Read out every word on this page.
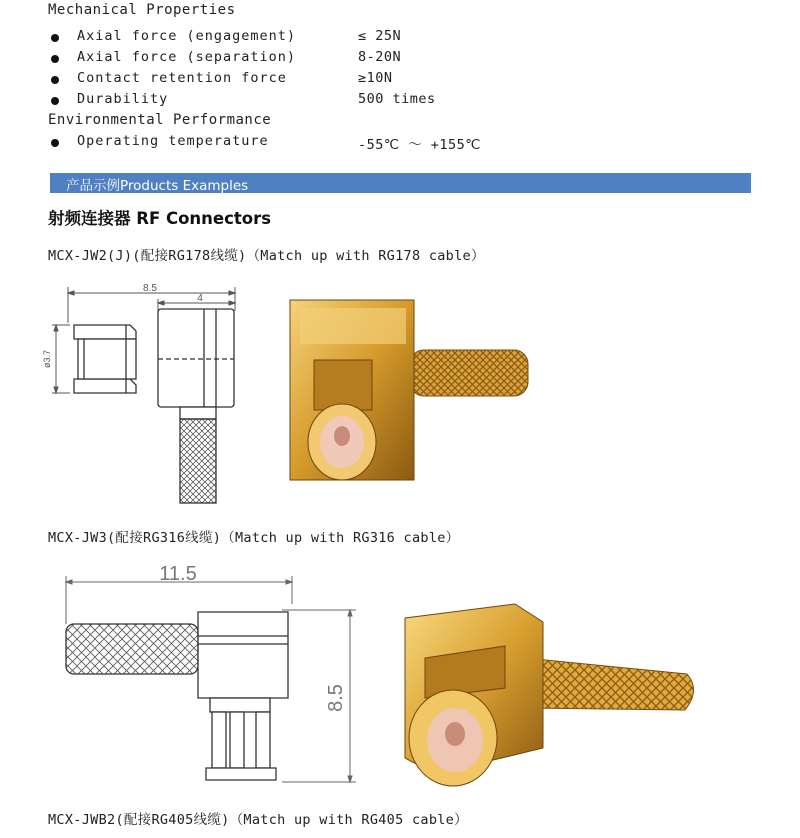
Mechanical Properties
Axial force (engagement)	≤ 25N
Axial force (separation)	8-20N
Contact retention force	≥10N
Durability	500 times
Environmental Performance
Operating temperature	-55℃ ～ +155℃
产品示例Products Examples
射频连接器 RF Connectors
MCX-JW2(J)(配接RG178线缆)（Match up with RG178 cable）
8.5
4
ø3.7
MCX-JW3(配接RG316线缆)（Match up with RG316 cable）
11.5
8.5
MCX-JWB2(配接RG405线缆)（Match up with RG405 cable）
